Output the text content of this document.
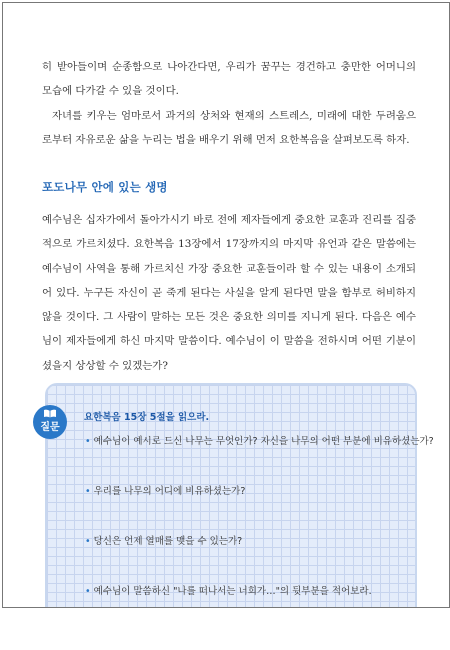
히 받아들이며 순종함으로 나아간다면, 우리가 꿈꾸는 경건하고 충만한 어머니의 모습에 다가갈 수 있을 것이다.

자녀를 키우는 엄마로서 과거의 상처와 현재의 스트레스, 미래에 대한 두려움으로부터 자유로운 삶을 누리는 법을 배우기 위해 먼저 요한복음을 살펴보도록 하자.

포도나무 안에 있는 생명

예수님은 십자가에서 돌아가시기 바로 전에 제자들에게 중요한 교훈과 진리를 집중적으로 가르치셨다. 요한복음 13장에서 17장까지의 마지막 유언과 같은 말씀에는 예수님이 사역을 통해 가르치신 가장 중요한 교훈들이라 할 수 있는 내용이 소개되어 있다. 누구든 자신이 곧 죽게 된다는 사실을 알게 된다면 말을 함부로 허비하지 않을 것이다. 그 사람이 말하는 모든 것은 중요한 의미를 지니게 된다. 다음은 예수님이 제자들에게 하신 마지막 말씀이다. 예수님이 이 말씀을 전하시며 어떤 기분이셨을지 상상할 수 있겠는가?

질문
요한복음 15장 5절을 읽으라.
• 예수님이 예시로 드신 나무는 무엇인가? 자신을 나무의 어떤 부분에 비유하셨는가?
• 우리를 나무의 어디에 비유하셨는가?
• 당신은 언제 열매를 맺을 수 있는가?
• 예수님이 말씀하신 "나를 떠나서는 너희가…"의 뒷부분을 적어보라.
